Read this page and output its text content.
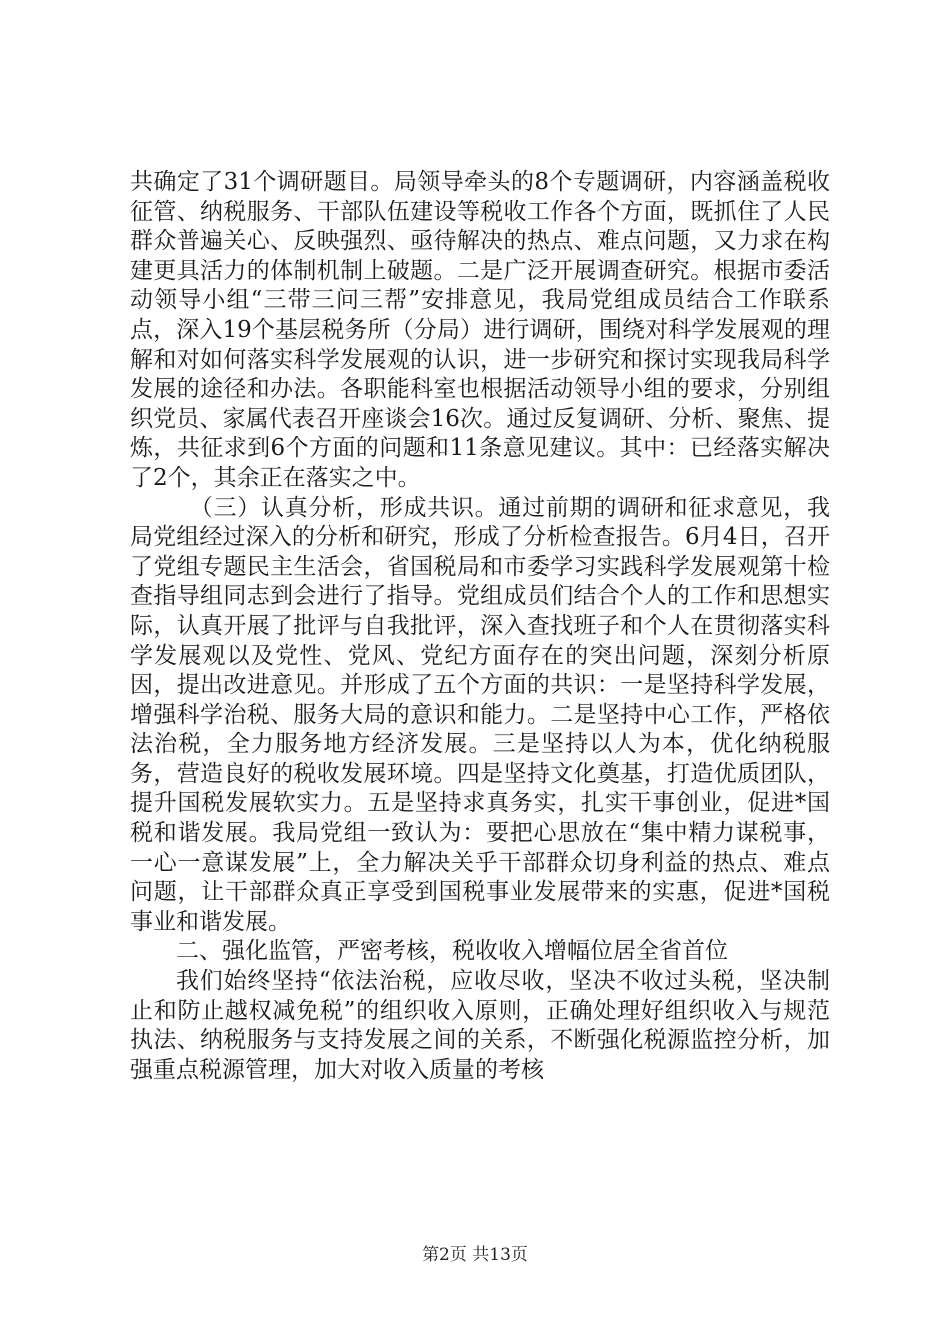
共确定了31个调研题目。局领导牵头的8个专题调研，内容涵盖税收征管、纳税服务、干部队伍建设等税收工作各个方面，既抓住了人民群众普遍关心、反映强烈、亟待解决的热点、难点问题，又力求在构建更具活力的体制机制上破题。二是广泛开展调查研究。根据市委活动领导小组“三带三问三帮”安排意见，我局党组成员结合工作联系点，深入19个基层税务所（分局）进行调研，围绕对科学发展观的理解和对如何落实科学发展观的认识，进一步研究和探讨实现我局科学发展的途径和办法。各职能科室也根据活动领导小组的要求，分别组织党员、家属代表召开座谈会16次。通过反复调研、分析、聚焦、提炼，共征求到6个方面的问题和11条意见建议。其中：已经落实解决了2个，其余正在落实之中。

（三）认真分析，形成共识。通过前期的调研和征求意见，我局党组经过深入的分析和研究，形成了分析检查报告。6月4日，召开了党组专题民主生活会，省国税局和市委学习实践科学发展观第十检查指导组同志到会进行了指导。党组成员们结合个人的工作和思想实际，认真开展了批评与自我批评，深入查找班子和个人在贯彻落实科学发展观以及党性、党风、党纪方面存在的突出问题，深刻分析原因，提出改进意见。并形成了五个方面的共识：一是坚持科学发展，增强科学治税、服务大局的意识和能力。二是坚持中心工作，严格依法治税，全力服务地方经济发展。三是坚持以人为本，优化纳税服务，营造良好的税收发展环境。四是坚持文化奠基，打造优质团队，提升国税发展软实力。五是坚持求真务实，扎实干事创业，促进*国税和谐发展。我局党组一致认为：要把心思放在“集中精力谋税事，一心一意谋发展”上，全力解决关乎干部群众切身利益的热点、难点问题，让干部群众真正享受到国税事业发展带来的实惠，促进*国税事业和谐发展。

二、强化监管，严密考核，税收收入增幅位居全省首位

我们始终坚持“依法治税，应收尽收，坚决不收过头税，坚决制止和防止越权减免税”的组织收入原则，正确处理好组织收入与规范执法、纳税服务与支持发展之间的关系，不断强化税源监控分析，加强重点税源管理，加大对收入质量的考核

第2页 共13页
